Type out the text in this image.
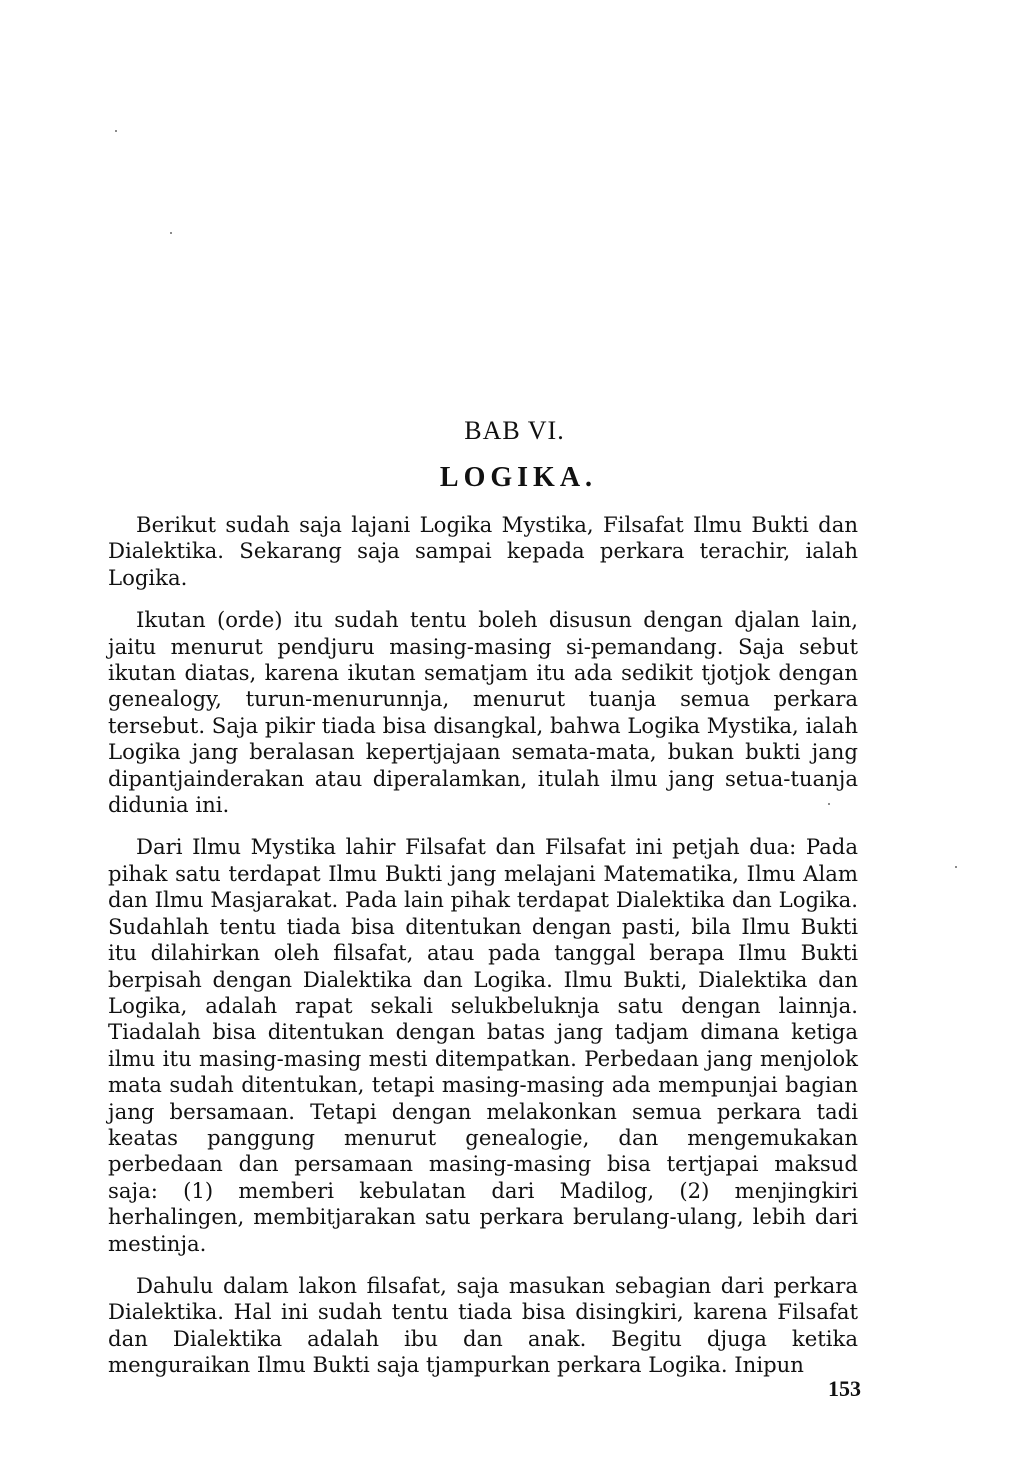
BAB VI.
LOGIKA.

Berikut sudah saja lajani Logika Mystika, Filsafat Ilmu Bukti dan Dialektika. Sekarang saja sampai kepada perkara terachir, ialah Logika.

Ikutan (orde) itu sudah tentu boleh disusun dengan djalan lain, jaitu menurut pendjuru masing-masing si-pemandang. Saja sebut ikutan diatas, karena ikutan sematjam itu ada sedikit tjotjok dengan genealogy, turun-menurunnja, menurut tuanja semua perkara tersebut. Saja pikir tiada bisa disangkal, bahwa Logika Mystika, ialah Logika jang beralasan kepertjajaan semata-mata, bukan bukti jang dipantjainderakan atau diperalamkan, itulah ilmu jang setua-tuanja didunia ini.

Dari Ilmu Mystika lahir Filsafat dan Filsafat ini petjah dua: Pada pihak satu terdapat Ilmu Bukti jang melajani Matematika, Ilmu Alam dan Ilmu Masjarakat. Pada lain pihak terdapat Dialektika dan Logika. Sudahlah tentu tiada bisa ditentukan dengan pasti, bila Ilmu Bukti itu dilahirkan oleh filsafat, atau pada tanggal berapa Ilmu Bukti berpisah dengan Dialektika dan Logika. Ilmu Bukti, Dialektika dan Logika, adalah rapat sekali selukbeluknja satu dengan lainnja. Tiadalah bisa ditentukan dengan batas jang tadjam dimana ketiga ilmu itu masing-masing mesti ditempatkan. Perbedaan jang menjolok mata sudah ditentukan, tetapi masing-masing ada mempunjai bagian jang bersamaan. Tetapi dengan melakonkan semua perkara tadi keatas panggung menurut genealogie, dan mengemukakan perbedaan dan persamaan masing-masing bisa tertjapai maksud saja: (1) memberi kebulatan dari Madilog, (2) menjingkiri herhalingen, membitjarakan satu perkara berulang-ulang, lebih dari mestinja.

Dahulu dalam lakon filsafat, saja masukan sebagian dari perkara Dialektika. Hal ini sudah tentu tiada bisa disingkiri, karena Filsafat dan Dialektika adalah ibu dan anak. Begitu djuga ketika menguraikan Ilmu Bukti saja tjampurkan perkara Logika. Inipun

153
